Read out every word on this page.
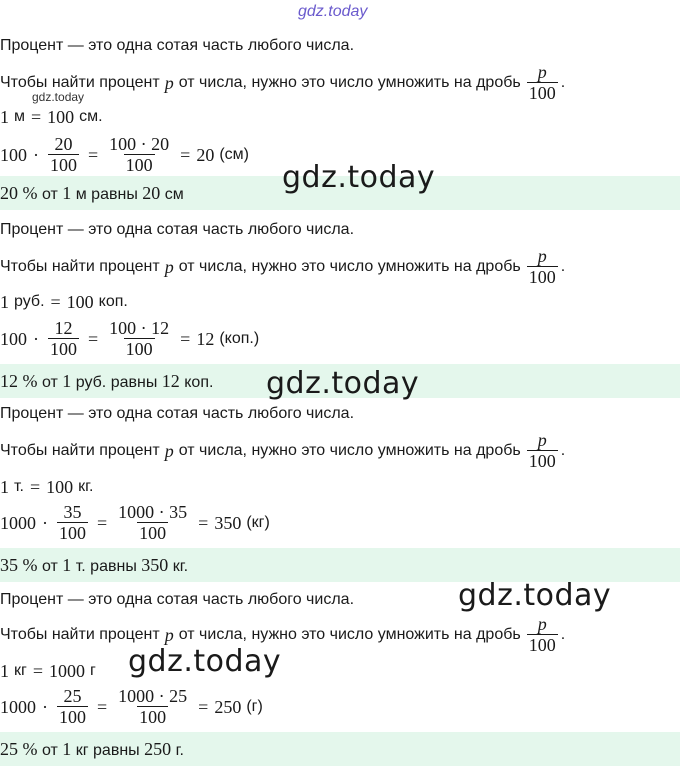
gdz.today
Процент — это одна сотая часть любого числа.
Чтобы найти процент p от числа, нужно это число умножить на дробь $\frac{p}{100}$ .
gdz.today
1 м = 100 см.
$100 \cdot \frac{20}{100} = \frac{100 \cdot 20}{100} = 20$ (см)
20 % от 1 м равны 20 см	gdz.today
Процент — это одна сотая часть любого числа.
Чтобы найти процент p от числа, нужно это число умножить на дробь $\frac{p}{100}$ .
1 руб. = 100 коп.
$100 \cdot \frac{12}{100} = \frac{100 \cdot 12}{100} = 12$ (коп.)
12 % от 1 руб. равны 12 коп. gdz.today
Процент — это одна сотая часть любого числа.
Чтобы найти процент p от числа, нужно это число умножить на дробь $\frac{p}{100}$ .
1 т. = 100 кг.
$1000 \cdot \frac{35}{100} = \frac{1000 \cdot 35}{100} = 350$ (кг)
35 % от 1 т. равны 350 кг.
Процент — это одна сотая часть любого числа.	gdz.today
Чтобы найти процент p от числа, нужно это число умножить на дробь $\frac{p}{100}$ .
1 кг = 1000 г gdz.today
$1000 \cdot \frac{25}{100} = \frac{1000 \cdot 25}{100} = 250$ (г)
25 % от 1 кг равны 250 г.
